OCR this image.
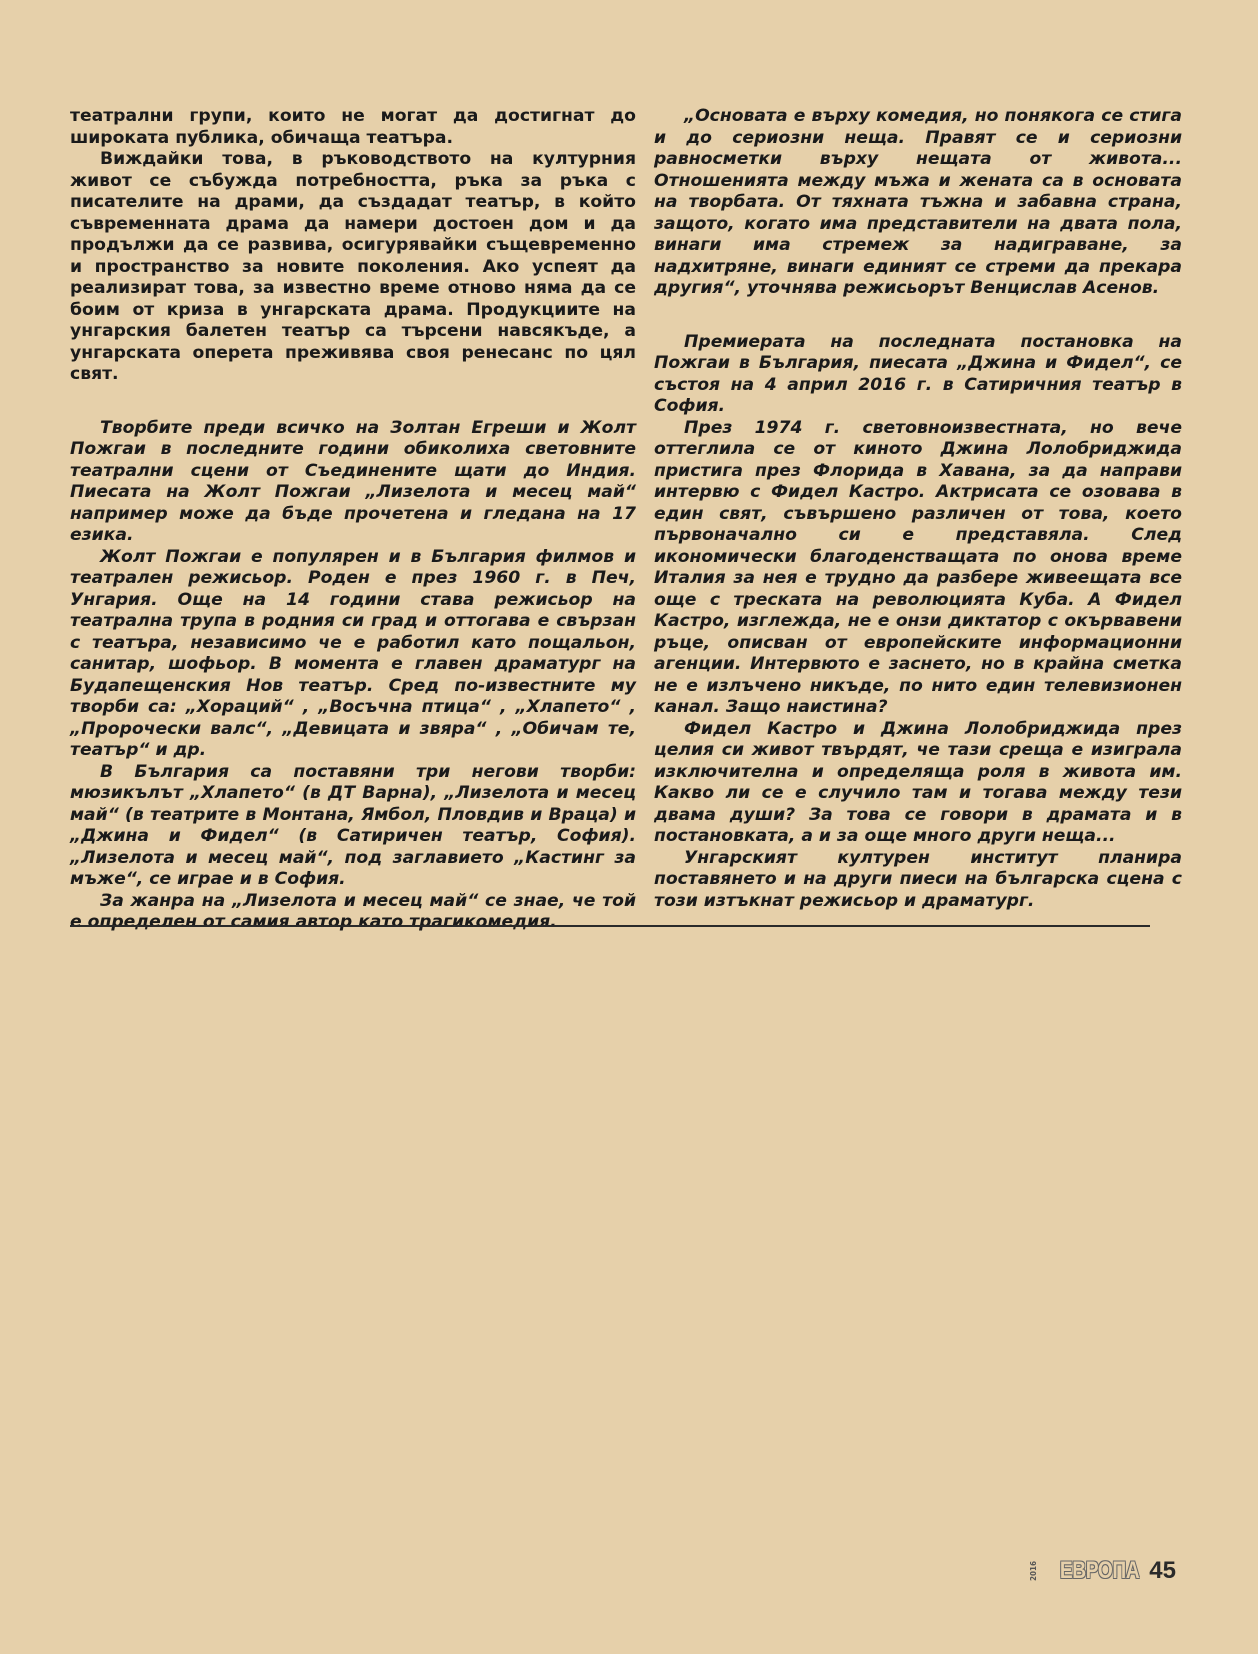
театрални групи, които не могат да достигнат до широката публика, обичаща театъра.

Виждайки това, в ръководството на културния живот се събужда потребността, ръка за ръка с писателите на драми, да създадат театър, в който съвременната драма да намери достоен дом и да продължи да се развива, осигурявайки същевременно и пространство за новите поколения. Ако успеят да реализират това, за известно време отново няма да се боим от криза в унгарската драма. Продукциите на унгарския балетен театър са търсени навсякъде, а унгарската оперета преживява своя ренесанс по цял свят.

Творбите преди всичко на Золтан Егреши и Жолт Пожгаи в последните години обиколиха световните театрални сцени от Съединените щати до Индия. Пиесата на Жолт Пожгаи „Лизелота и месец май“ например може да бъде прочетена и гледана на 17 езика.

Жолт Пожгаи е популярен и в България филмов и театрален режисьор. Роден е през 1960 г. в Печ, Унгария. Още на 14 години става режисьор на театрална трупа в родния си град и оттогава е свързан с театъра, независимо че е работил като пощальон, санитар, шофьор. В момента е главен драматург на Будапещенския Нов театър. Сред по-известните му творби са: „Хораций“ , „Восъчна птица“ , „Хлапето“ , „Пророчески валс“, „Девицата и звяра“ , „Обичам те, театър“ и др.

В България са поставяни три негови творби: мюзикълът „Хлапето“ (в ДТ Варна), „Лизелота и месец май“ (в театрите в Монтана, Ямбол, Пловдив и Враца) и „Джина и Фидел“ (в Сатиричен театър, София). „Лизелота и месец май“, под заглавието „Кастинг за мъже“, се играе и в София.

За жанра на „Лизелота и месец май“ се знае, че той е определен от самия автор като трагикомедия.

„Основата е върху комедия, но понякога се стига и до сериозни неща. Правят се и сериозни равносметки върху нещата от живота... Отношенията между мъжа и жената са в основата на творбата. От тяхната тъжна и забавна страна, защото, когато има представители на двата пола, винаги има стремеж за надиграване, за надхитряне, винаги единият се стреми да прекара другия“, уточнява режисьорът Венцислав Асенов.

Премиерата на последната постановка на Пожгаи в България, пиесата „Джина и Фидел“, се състоя на 4 април 2016 г. в Сатиричния театър в София.

През 1974 г. световноизвестната, но вече оттеглила се от киното Джина Лолобриджида пристига през Флорида в Хавана, за да направи интервю с Фидел Кастро. Актрисата се озовава в един свят, съвършено различен от това, което първоначално си е представяла. След икономически благоденстващата по онова време Италия за нея е трудно да разбере живеещата все още с треската на революцията Куба. А Фидел Кастро, изглежда, не е онзи диктатор с окървавени ръце, описван от европейските информационни агенции. Интервюто е заснето, но в крайна сметка не е излъчено никъде, по нито един телевизионен канал. Защо наистина?

Фидел Кастро и Джина Лолобриджида през целия си живот твърдят, че тази среща е изиграла изключителна и определяща роля в живота им. Какво ли се е случило там и тогава между тези двама души? За това се говори в драмата и в постановката, а и за още много други неща...

Унгарският културен институт планира поставянето и на други пиеси на българска сцена с този изтъкнат режисьор и драматург.

2016 ЕВРОПА 45
